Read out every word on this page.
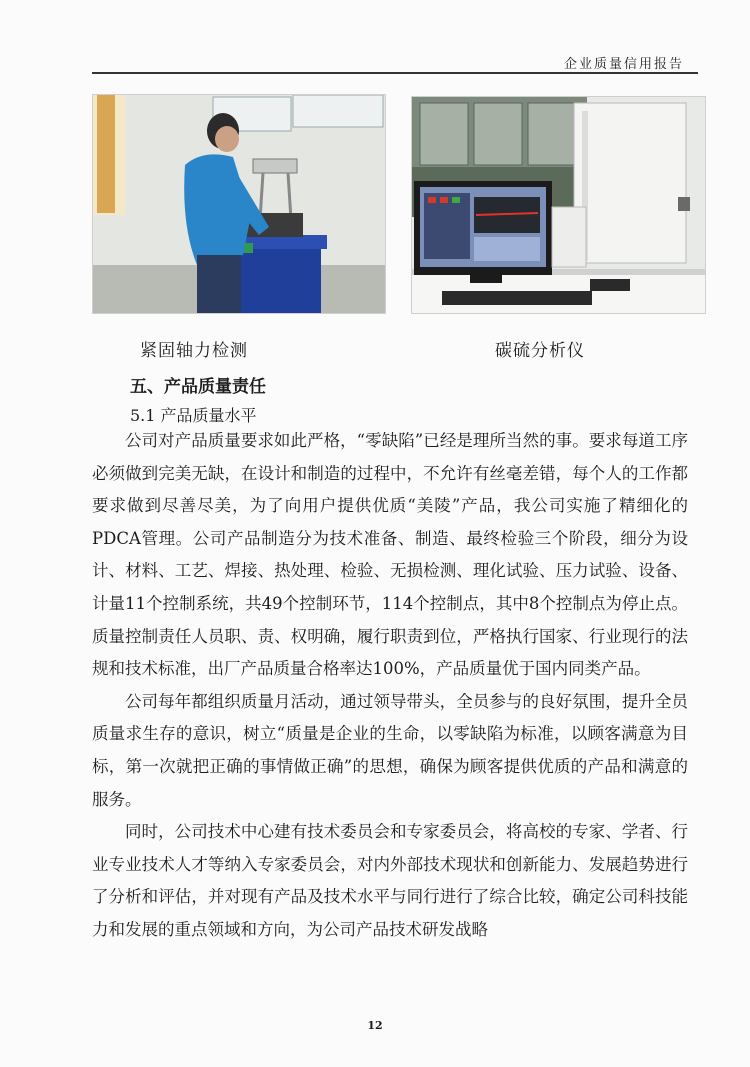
企业质量信用报告
紧固轴力检测	碳硫分析仪
五、产品质量责任
5.1 产品质量水平

公司对产品质量要求如此严格，“零缺陷”已经是理所当然的事。要求每道工序必须做到完美无缺，在设计和制造的过程中，不允许有丝毫差错，每个人的工作都要求做到尽善尽美，为了向用户提供优质“美陵”产品，我公司实施了精细化的PDCA管理。公司产品制造分为技术准备、制造、最终检验三个阶段，细分为设计、材料、工艺、焊接、热处理、检验、无损检测、理化试验、压力试验、设备、计量11个控制系统，共49个控制环节，114个控制点，其中8个控制点为停止点。质量控制责任人员职、责、权明确，履行职责到位，严格执行国家、行业现行的法规和技术标准，出厂产品质量合格率达100%，产品质量优于国内同类产品。

公司每年都组织质量月活动，通过领导带头，全员参与的良好氛围，提升全员质量求生存的意识，树立“质量是企业的生命，以零缺陷为标准，以顾客满意为目标，第一次就把正确的事情做正确”的思想，确保为顾客提供优质的产品和满意的服务。

同时，公司技术中心建有技术委员会和专家委员会，将高校的专家、学者、行业专业技术人才等纳入专家委员会，对内外部技术现状和创新能力、发展趋势进行了分析和评估，并对现有产品及技术水平与同行进行了综合比较，确定公司科技能力和发展的重点领域和方向，为公司产品技术研发战略

12
